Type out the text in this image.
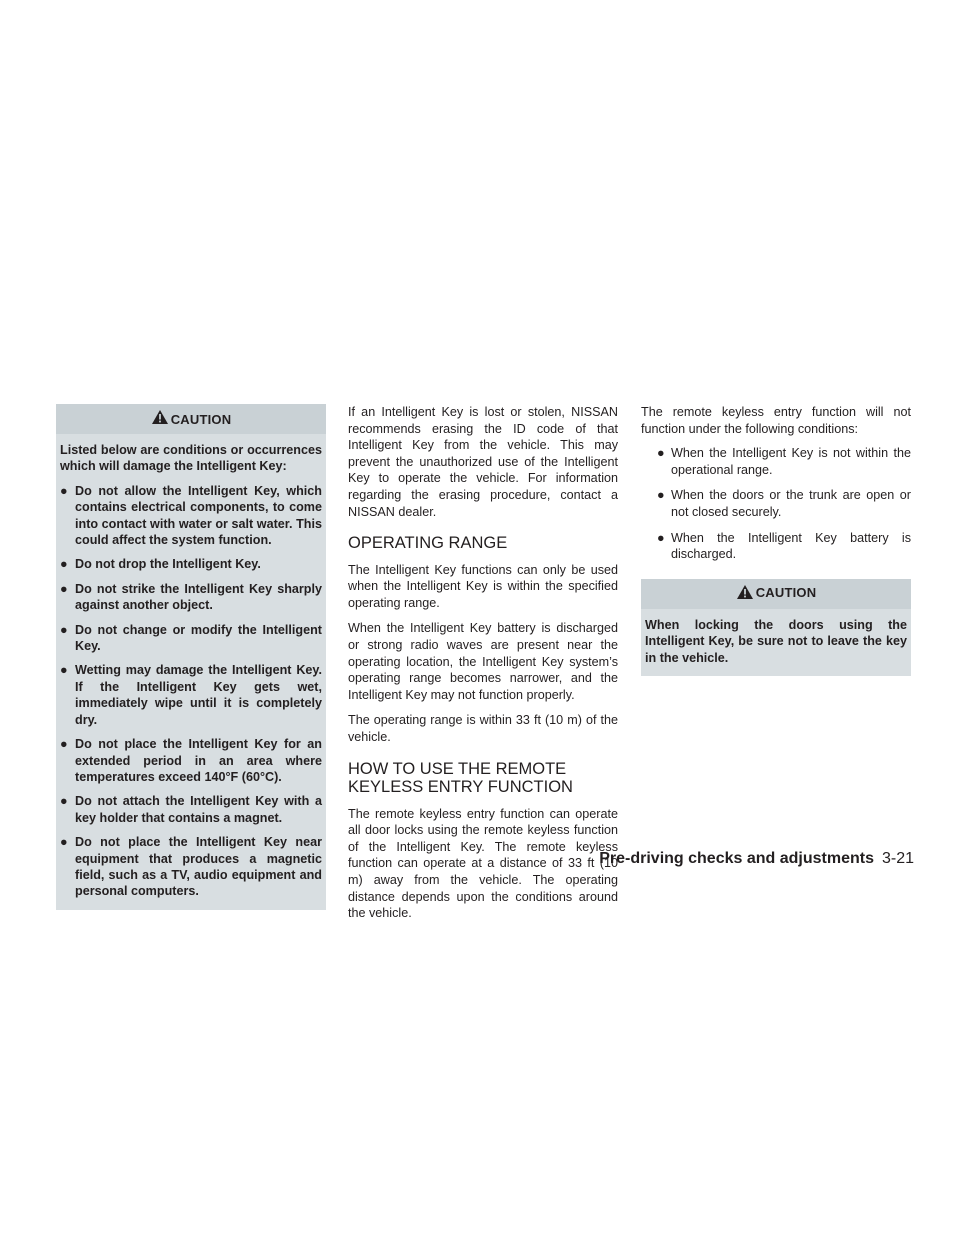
CAUTION

Listed below are conditions or occurrences which will damage the Intelligent Key:

● Do not allow the Intelligent Key, which contains electrical components, to come into contact with water or salt water. This could affect the system function.
● Do not drop the Intelligent Key.
● Do not strike the Intelligent Key sharply against another object.
● Do not change or modify the Intelligent Key.
● Wetting may damage the Intelligent Key. If the Intelligent Key gets wet, immediately wipe until it is completely dry.
● Do not place the Intelligent Key for an extended period in an area where temperatures exceed 140°F (60°C).
● Do not attach the Intelligent Key with a key holder that contains a magnet.
● Do not place the Intelligent Key near equipment that produces a magnetic field, such as a TV, audio equipment and personal computers.

If an Intelligent Key is lost or stolen, NISSAN recommends erasing the ID code of that Intelligent Key from the vehicle. This may prevent the unauthorized use of the Intelligent Key to operate the vehicle. For information regarding the erasing procedure, contact a NISSAN dealer.

OPERATING RANGE

The Intelligent Key functions can only be used when the Intelligent Key is within the specified operating range.

When the Intelligent Key battery is discharged or strong radio waves are present near the operating location, the Intelligent Key system’s operating range becomes narrower, and the Intelligent Key may not function properly.

The operating range is within 33 ft (10 m) of the vehicle.

HOW TO USE THE REMOTE KEYLESS ENTRY FUNCTION

The remote keyless entry function can operate all door locks using the remote keyless function of the Intelligent Key. The remote keyless function can operate at a distance of 33 ft (10 m) away from the vehicle. The operating distance depends upon the conditions around the vehicle.

The remote keyless entry function will not function under the following conditions:

● When the Intelligent Key is not within the operational range.
● When the doors or the trunk are open or not closed securely.
● When the Intelligent Key battery is discharged.
CAUTION

When locking the doors using the Intelligent Key, be sure not to leave the key in the vehicle.

Pre-driving checks and adjustments 3-21
